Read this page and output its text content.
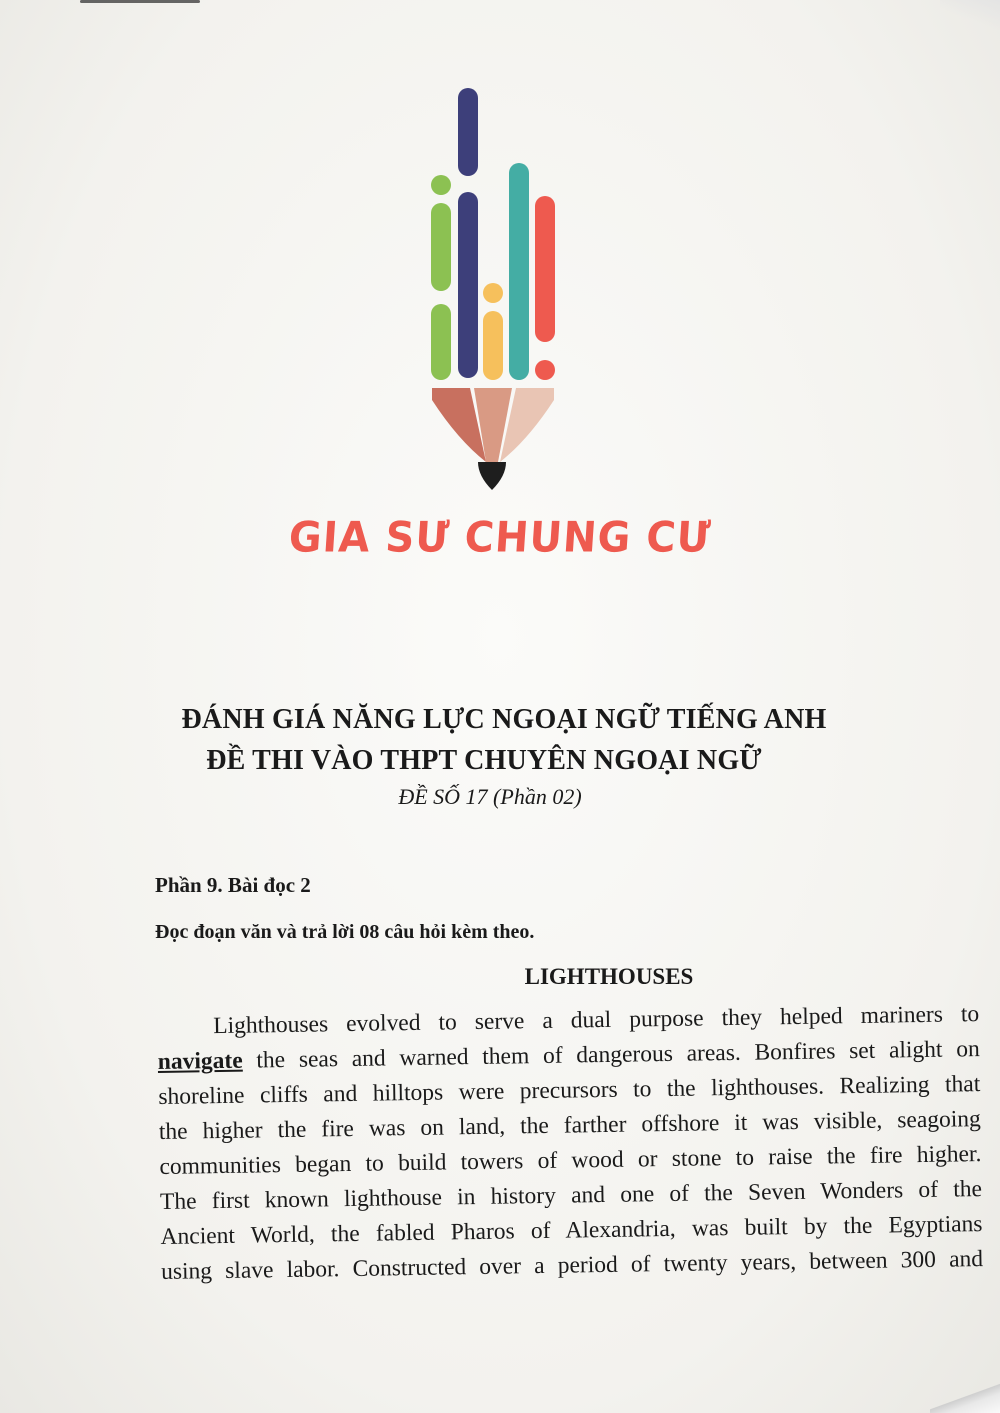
GIA SƯ CHUNG CƯ
ĐÁNH GIÁ NĂNG LỰC NGOẠI NGỮ TIẾNG ANH
ĐỀ THI VÀO THPT CHUYÊN NGOẠI NGỮ
ĐỀ SỐ 17 (Phần 02)
Phần 9. Bài đọc 2
Đọc đoạn văn và trả lời 08 câu hỏi kèm theo.
LIGHTHOUSES
Lighthouses evolved to serve a dual purpose they helped mariners to
navigate the seas and warned them of dangerous areas. Bonfires set alight on
shoreline cliffs and hilltops were precursors to the lighthouses. Realizing that
the higher the fire was on land, the farther offshore it was visible, seagoing
communities began to build towers of wood or stone to raise the fire higher.
The first known lighthouse in history and one of the Seven Wonders of the
Ancient World, the fabled Pharos of Alexandria, was built by the Egyptians
using slave labor. Constructed over a period of twenty years, between 300 and
